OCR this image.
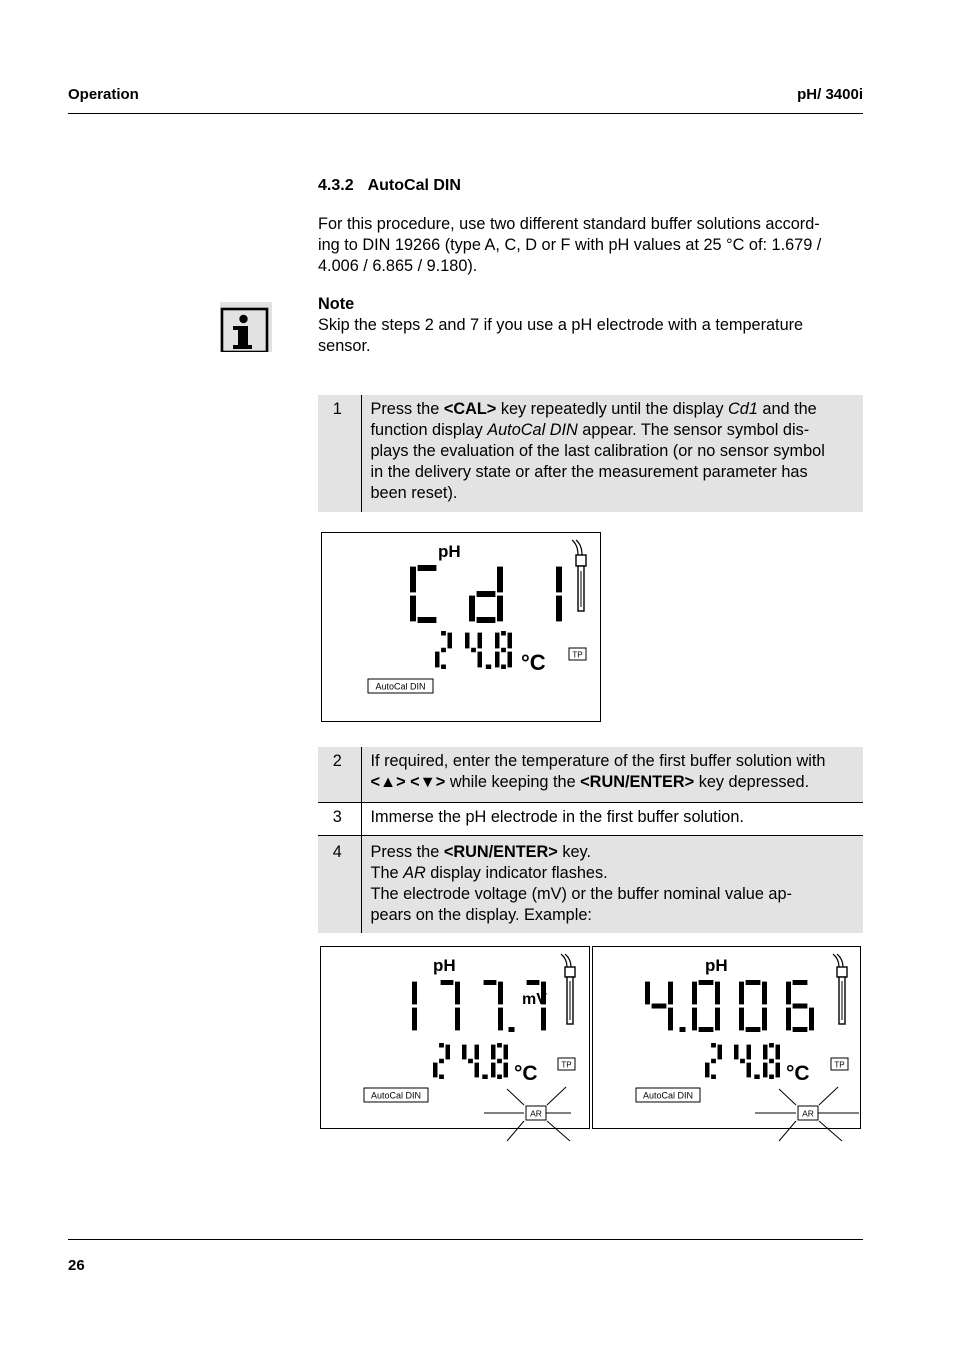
Operation	pH/ 3400i
4.3.2 AutoCal DIN
For this procedure, use two different standard buffer solutions accord-
ing to DIN 19266 (type A, C, D or F with pH values at 25 °C of: 1.679 /
4.006 / 6.865 / 9.180).
Note
Skip the steps 2 and 7 if you use a pH electrode with a temperature
sensor.
1	Press the <CAL> key repeatedly until the display Cd1 and the
function display AutoCal DIN appear. The sensor symbol dis-
plays the evaluation of the last calibration (or no sensor symbol
in the delivery state or after the measurement parameter has
been reset).
pH
°C	TP
AutoCal DIN
2	If required, enter the temperature of the first buffer solution with
<▲> <▼> while keeping the <RUN/ENTER> key depressed.

3	Immerse the pH electrode in the first buffer solution.

4	Press the <RUN/ENTER> key.
The AR display indicator flashes.
The electrode voltage (mV) or the buffer nominal value ap-
pears on the display. Example:
pH
mV
°C	TP
AutoCal DIN
AR
pH
°C	TP
AutoCal DIN
AR
26
